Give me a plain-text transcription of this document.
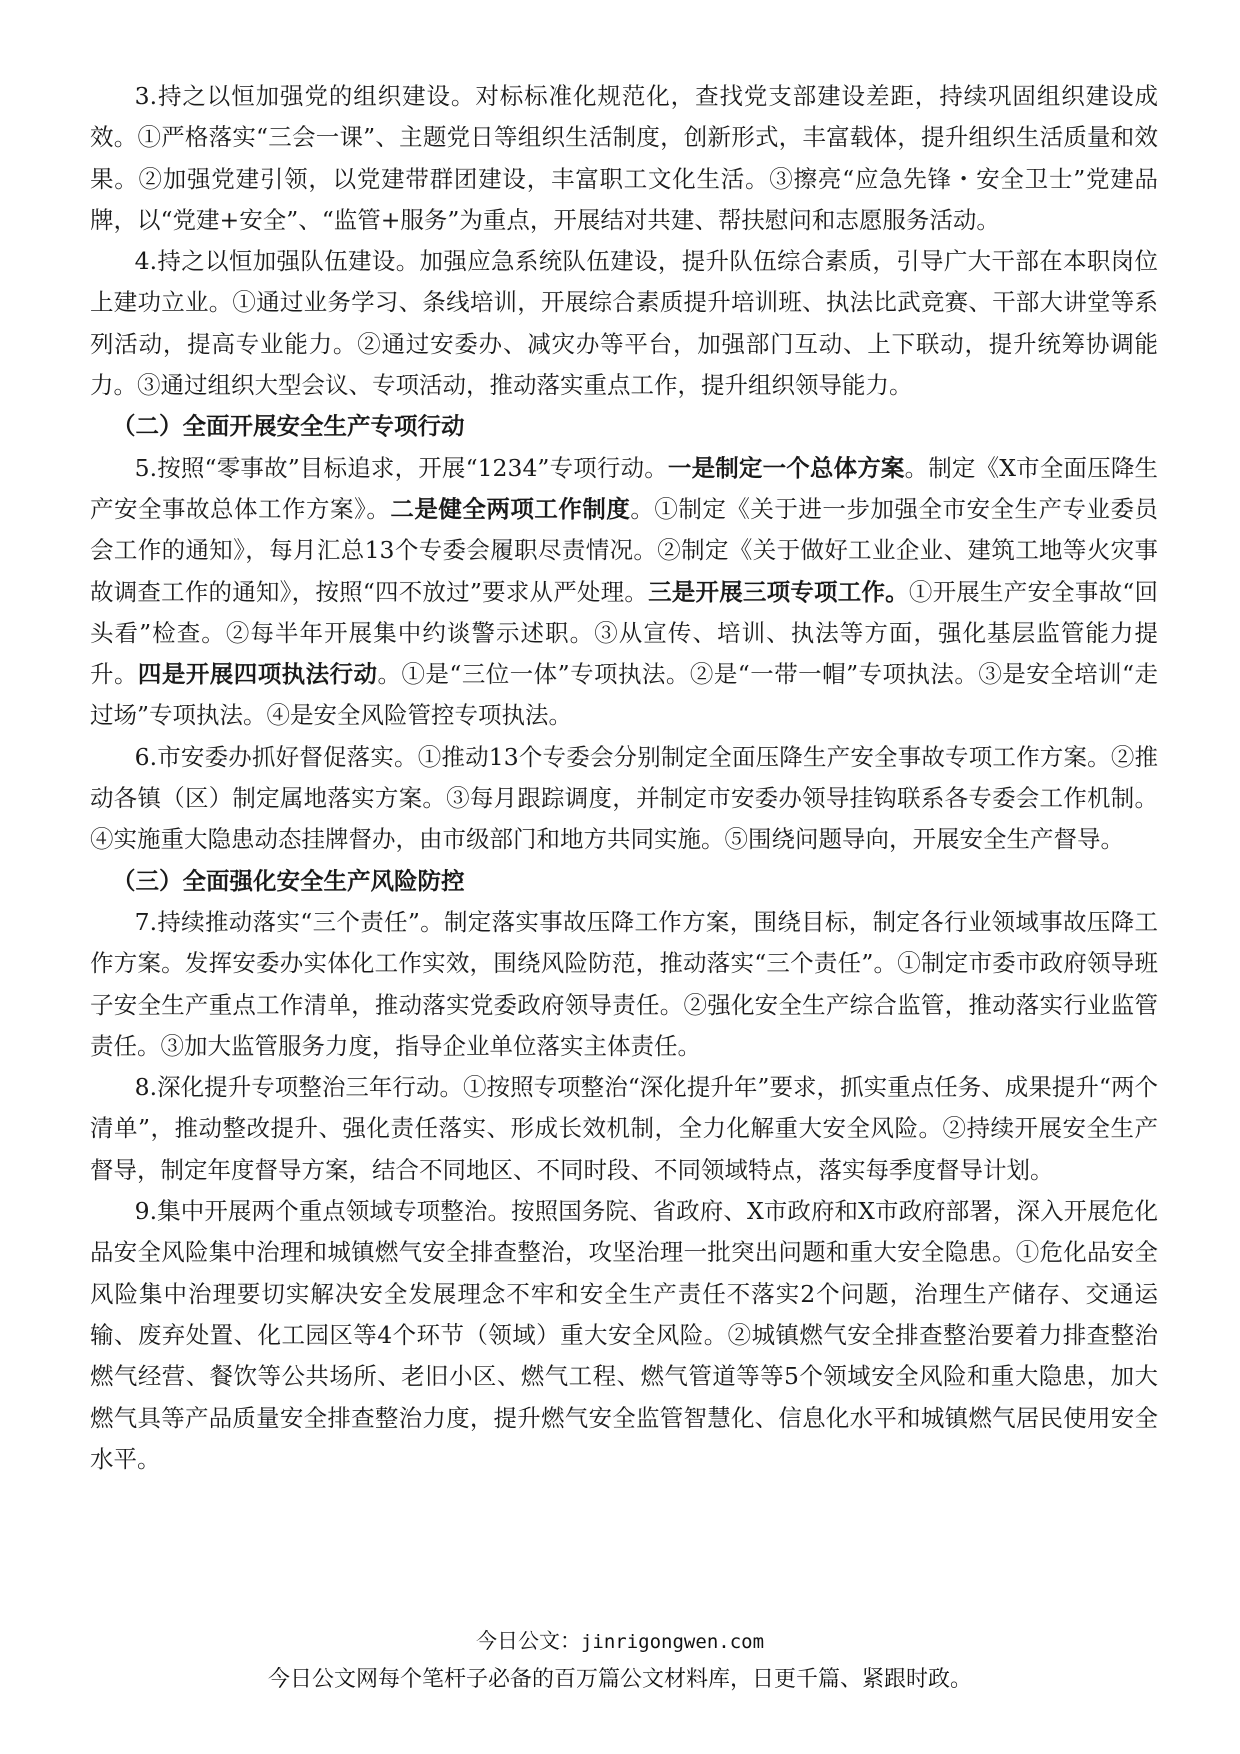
3.持之以恒加强党的组织建设。对标标准化规范化，查找党支部建设差距，持续巩固组织建设成效。①严格落实“三会一课”、主题党日等组织生活制度，创新形式，丰富载体，提升组织生活质量和效果。②加强党建引领，以党建带群团建设，丰富职工文化生活。③擦亮“应急先锋・安全卫士”党建品牌，以“党建+安全”、“监管+服务”为重点，开展结对共建、帮扶慰问和志愿服务活动。

4.持之以恒加强队伍建设。加强应急系统队伍建设，提升队伍综合素质，引导广大干部在本职岗位上建功立业。①通过业务学习、条线培训，开展综合素质提升培训班、执法比武竞赛、干部大讲堂等系列活动，提高专业能力。②通过安委办、减灾办等平台，加强部门互动、上下联动，提升统筹协调能力。③通过组织大型会议、专项活动，推动落实重点工作，提升组织领导能力。

（二）全面开展安全生产专项行动

5.按照“零事故”目标追求，开展“1234”专项行动。一是制定一个总体方案。制定《X市全面压降生产安全事故总体工作方案》。二是健全两项工作制度。①制定《关于进一步加强全市安全生产专业委员会工作的通知》，每月汇总13个专委会履职尽责情况。②制定《关于做好工业企业、建筑工地等火灾事故调查工作的通知》，按照“四不放过”要求从严处理。三是开展三项专项工作。①开展生产安全事故“回头看”检查。②每半年开展集中约谈警示述职。③从宣传、培训、执法等方面，强化基层监管能力提升。四是开展四项执法行动。①是“三位一体”专项执法。②是“一带一帽”专项执法。③是安全培训“走过场”专项执法。④是安全风险管控专项执法。

6.市安委办抓好督促落实。①推动13个专委会分别制定全面压降生产安全事故专项工作方案。②推动各镇（区）制定属地落实方案。③每月跟踪调度，并制定市安委办领导挂钩联系各专委会工作机制。④实施重大隐患动态挂牌督办，由市级部门和地方共同实施。⑤围绕问题导向，开展安全生产督导。

（三）全面强化安全生产风险防控

7.持续推动落实“三个责任”。制定落实事故压降工作方案，围绕目标，制定各行业领域事故压降工作方案。发挥安委办实体化工作实效，围绕风险防范，推动落实“三个责任”。①制定市委市政府领导班子安全生产重点工作清单，推动落实党委政府领导责任。②强化安全生产综合监管，推动落实行业监管责任。③加大监管服务力度，指导企业单位落实主体责任。

8.深化提升专项整治三年行动。①按照专项整治“深化提升年”要求，抓实重点任务、成果提升“两个清单”，推动整改提升、强化责任落实、形成长效机制，全力化解重大安全风险。②持续开展安全生产督导，制定年度督导方案，结合不同地区、不同时段、不同领域特点，落实每季度督导计划。

9.集中开展两个重点领域专项整治。按照国务院、省政府、X市政府和X市政府部署，深入开展危化品安全风险集中治理和城镇燃气安全排查整治，攻坚治理一批突出问题和重大安全隐患。①危化品安全风险集中治理要切实解决安全发展理念不牢和安全生产责任不落实2个问题，治理生产储存、交通运输、废弃处置、化工园区等4个环节（领域）重大安全风险。②城镇燃气安全排查整治要着力排查整治燃气经营、餐饮等公共场所、老旧小区、燃气工程、燃气管道等等5个领域安全风险和重大隐患，加大燃气具等产品质量安全排查整治力度，提升燃气安全监管智慧化、信息化水平和城镇燃气居民使用安全水平。

今日公文：jinrigongwen.com
今日公文网每个笔杆子必备的百万篇公文材料库，日更千篇、紧跟时政。
